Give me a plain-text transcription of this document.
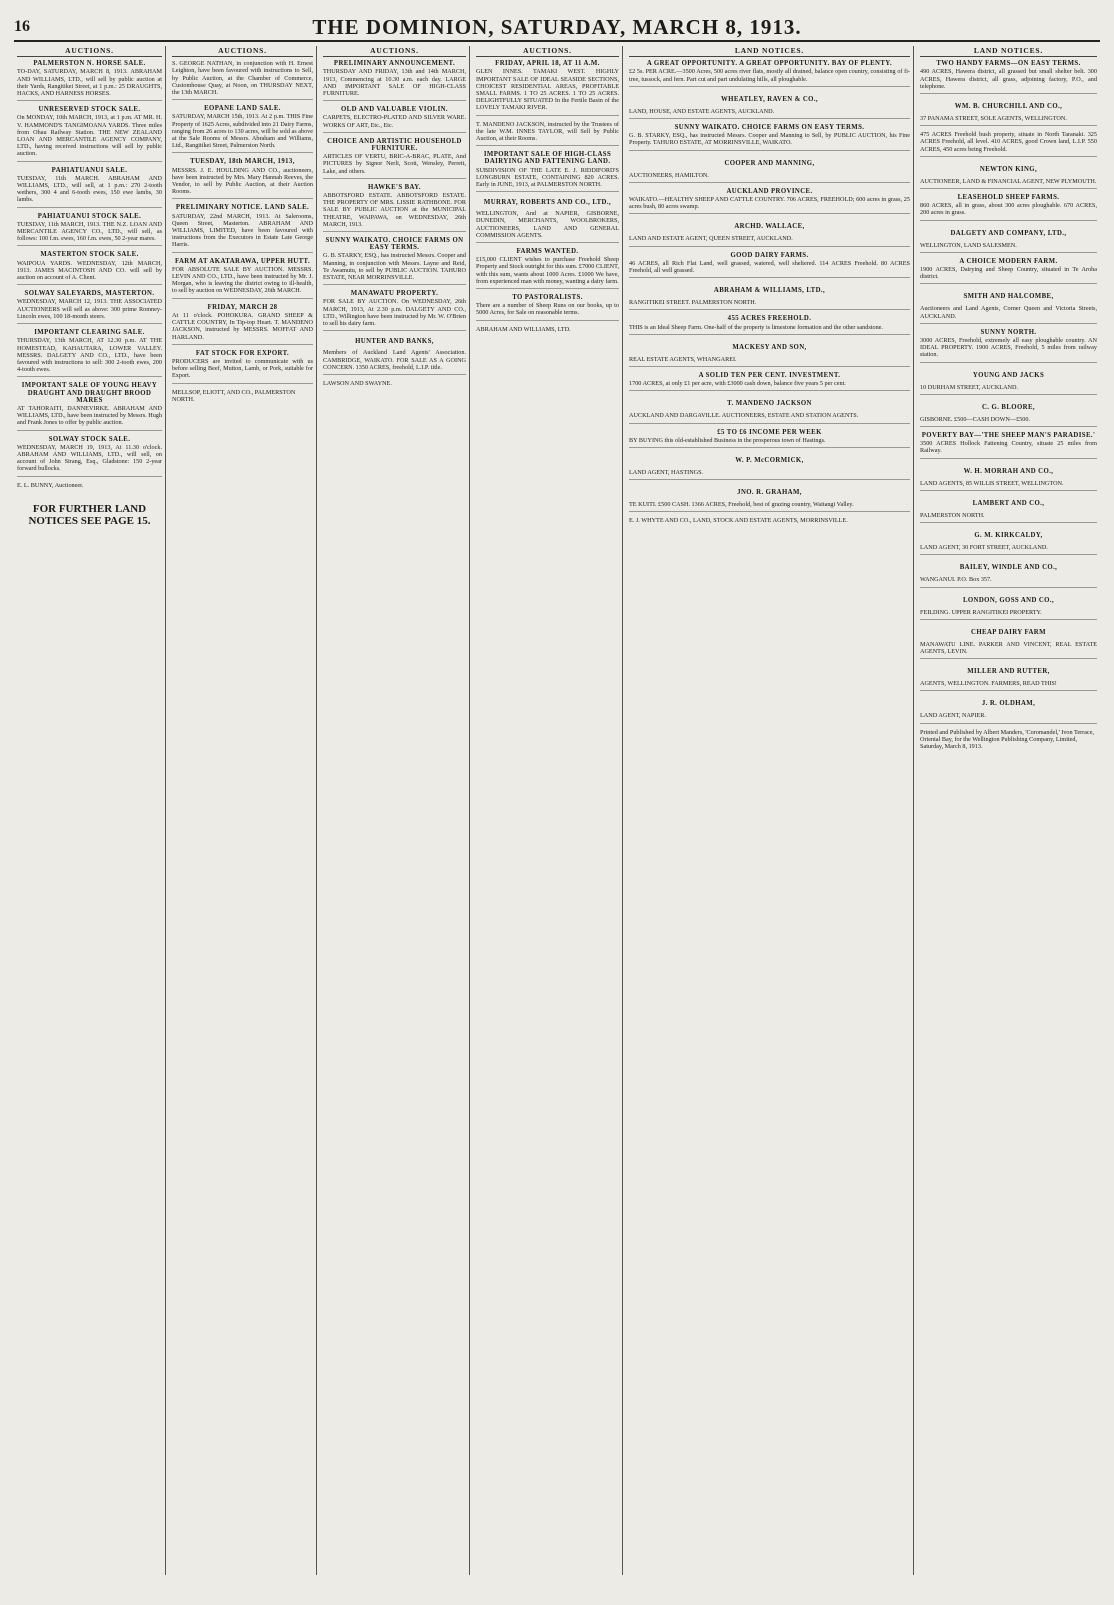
16	THE DOMINION, SATURDAY, MARCH 8, 1913.
AUCTIONS.
PALMERSTON N. HORSE SALE.
TO-DAY, SATURDAY, MARCH 8, 1913. ABRAHAM AND WILLIAMS, LTD., will sell by public auction at their Yards, Rangitikei Street, at 1 p.m.: 25 DRAUGHTS, HACKS, AND HARNESS HORSES.
UNRESERVED STOCK SALE.
On MONDAY, 10th MARCH, 1913, at 1 p.m. AT MR. H. V. HAMMOND'S TANGIMOANA YARDS. Three miles from Ohau Railway Station. THE NEW ZEALAND LOAN AND MERCANTILE AGENCY COMPANY, LTD., having received instructions will sell by public auction.
PAHIATUANUI SALE.
TUESDAY, 11th MARCH. ABRAHAM AND WILLIAMS, LTD., will sell, at 1 p.m.: 270 2-tooth wethers, 300 4 and 6-tooth ewes, 150 ewe lambs, 30 lambs.
PAHIATUANUI STOCK SALE.
TUESDAY, 11th MARCH, 1913. THE N.Z. LOAN AND MERCANTILE AGENCY CO., LTD., will sell, as follows: 100 f.m. ewes, 160 f.m. ewes, 50 2-year mares.
MASTERTON STOCK SALE.
WAIPOUA YARDS. WEDNESDAY, 12th MARCH, 1913. JAMES MACINTOSH AND CO. will sell by auction on account of A. Client.
SOLWAY SALEYARDS, MASTERTON.
WEDNESDAY, MARCH 12, 1913. THE ASSOCIATED AUCTIONEERS will sell as above: 300 prime Romney-Lincoln ewes, 100 18-month steers.
IMPORTANT CLEARING SALE.
THURSDAY, 13th MARCH, AT 12.30 p.m. AT THE HOMESTEAD, KAHAUTARA, LOWER VALLEY. MESSRS. DALGETY AND CO., LTD., have been favoured with instructions to sell: 300 2-tooth ewes, 200 4-tooth ewes.
IMPORTANT SALE OF YOUNG HEAVY DRAUGHT AND DRAUGHT BROOD MARES
AT TAHORAITI, DANNEVIRKE. ABRAHAM AND WILLIAMS, LTD., have been instructed by Messrs. Hugh and Frank Jones to offer by public auction.
SOLWAY STOCK SALE.
WEDNESDAY, MARCH 19, 1913, At 11.30 o'clock. ABRAHAM AND WILLIAMS, LTD., will sell, on account of John Strang, Esq., Gladstone: 150 2-year forward bullocks.
E. L. BUNNY, Auctioneer.
FOR FURTHER LAND NOTICES SEE PAGE 15.
AUCTIONS.
S. GEORGE NATHAN, in conjunction with H. Ernest Leighton, have been favoured with instructions to Sell, by Public Auction, at the Chamber of Commerce, Customhouse Quay, at Noon, on THURSDAY NEXT, the 13th MARCH.
EOPANE LAND SALE.
SATURDAY, MARCH 15th, 1913. At 2 p.m. THIS Fine Property of 1625 Acres, subdivided into 21 Dairy Farms, ranging from 26 acres to 130 acres, will be sold as above at the Sale Rooms of Messrs. Abraham and Williams, Ltd., Rangitikei Street, Palmerston North.
TUESDAY, 18th MARCH, 1913,
MESSRS. J. E. HOULDING AND CO., auctioneers, have been instructed by Mrs. Mary Hannah Reeves, the Vendor, to sell by Public Auction, at their Auction Rooms.
PRELIMINARY NOTICE. LAND SALE.
SATURDAY, 22nd MARCH, 1913. At Salerooms, Queen Street, Masterton. ABRAHAM AND WILLIAMS, LIMITED, have been favoured with instructions from the Executors in Estate Late George Harris.
FARM AT AKATARAWA, UPPER HUTT.
FOR ABSOLUTE SALE BY AUCTION. MESSRS. LEVIN AND CO., LTD., have been instructed by Mr. J. Morgan, who is leaving the district owing to ill-health, to sell by auction on WEDNESDAY, 26th MARCH.
FRIDAY, MARCH 28
At 11 o'clock. POHOKURA. GRAND SHEEP & CATTLE COUNTRY, In Tip-top Heart. T. MANDENO JACKSON, instructed by MESSRS. MOFFAT AND HARLAND.
FAT STOCK FOR EXPORT.
PRODUCERS are invited to communicate with us before selling Beef, Mutton, Lamb, or Pork, suitable for Export.
MELLSOP, ELIOTT, AND CO., PALMERSTON NORTH.
AUCTIONS.
PRELIMINARY ANNOUNCEMENT.
THURSDAY AND FRIDAY, 13th and 14th MARCH, 1913, Commencing at 10.30 a.m. each day. LARGE AND IMPORTANT SALE OF HIGH-CLASS FURNITURE.
OLD AND VALUABLE VIOLIN.
CARPETS, ELECTRO-PLATED AND SILVER WARE. WORKS OF ART, Etc., Etc.
CHOICE AND ARTISTIC HOUSEHOLD FURNITURE.
ARTICLES OF VERTU, BRIC-A-BRAC, PLATE, And PICTURES by Signor Nerli, Scott, Wensley, Perrett, Lake, and others.
HAWKE'S BAY.
ABBOTSFORD ESTATE. ABBOTSFORD ESTATE. THE PROPERTY OF MRS. LISSIE RATHBONE. FOR SALE BY PUBLIC AUCTION at the MUNICIPAL THEATRE, WAIPAWA, on WEDNESDAY, 26th MARCH, 1913.
SUNNY WAIKATO. CHOICE FARMS ON EASY TERMS.
G. B. STARKY, ESQ., has instructed Messrs. Cooper and Manning, in conjunction with Messrs. Layne and Reid, Te Awamutu, to sell by PUBLIC AUCTION. TAHURO ESTATE, NEAR MORRINSVILLE.
MANAWATU PROPERTY.
FOR SALE BY AUCTION. On WEDNESDAY, 26th MARCH, 1913, At 2.30 p.m. DALGETY AND CO., LTD., Willington have been instructed by Mr. W. O'Brien to sell his dairy farm.
HUNTER AND BANKS,
Members of Auckland Land Agents' Association. CAMBRIDGE, WAIKATO. FOR SALE AS A GOING CONCERN. 1350 ACRES, freehold, L.I.P. title.
LAWSON AND SWAYNE.
AUCTIONS.
FRIDAY, APRIL 18, AT 11 A.M.
GLEN INNES. TAMAKI WEST. HIGHLY IMPORTANT SALE OF IDEAL SEASIDE SECTIONS, CHOICEST RESIDENTIAL AREAS, PROFITABLE SMALL FARMS. 1 TO 25 ACRES. 1 TO 25 ACRES. DELIGHTFULLY SITUATED In the Fertile Basin of the LOVELY TAMAKI RIVER.
T. MANDENO JACKSON, instructed by the Trustees of the late W.M. INNES TAYLOR, will Sell by Public Auction, at their Rooms.
IMPORTANT SALE OF HIGH-CLASS DAIRYING AND FATTENING LAND.
SUBDIVISION OF THE LATE E. J. RIDDIFORD'S LONGBURN ESTATE, CONTAINING 820 ACRES. Early in JUNE, 1913, at PALMERSTON NORTH.
MURRAY, ROBERTS AND CO., LTD.,
WELLINGTON, And at NAPIER, GISBORNE, DUNEDIN, MERCHANTS, WOOLBROKERS, AUCTIONEERS, LAND AND GENERAL COMMISSION AGENTS.
FARMS WANTED.
£15,000 CLIENT wishes to purchase Freehold Sheep Property and Stock outright for this sum. £7000 CLIENT, with this sum, wants about 1000 Acres. £1000 We have, from experienced man with money, wanting a dairy farm.
TO PASTORALISTS.
There are a number of Sheep Runs on our books, up to 5000 Acres, for Sale on reasonable terms.
ABRAHAM AND WILLIAMS, LTD.
LAND NOTICES.
A GREAT OPPORTUNITY. A GREAT OPPORTUNITY. BAY OF PLENTY.
£2 5s. PER ACRE.—3500 Acres, 500 acres river flats, mostly all drained, balance open country, consisting of fi-tree, tussock, and fern. Part cut and part undulating hills, all ploughable.
WHEATLEY, RAVEN & CO.,
LAND, HOUSE, AND ESTATE AGENTS, AUCKLAND.
SUNNY WAIKATO. CHOICE FARMS ON EASY TERMS.
G. B. STARKY, ESQ., has instructed Messrs. Cooper and Manning to Sell, by PUBLIC AUCTION, his Fine Property. TAHURO ESTATE, AT MORRINSVILLE, WAIKATO.
COOPER AND MANNING,
AUCTIONEERS, HAMILTON.
AUCKLAND PROVINCE.
WAIKATO.—HEALTHY SHEEP AND CATTLE COUNTRY. 706 ACRES, FREEHOLD; 600 acres in grass, 25 acres bush, 80 acres swamp.
ARCHD. WALLACE,
LAND AND ESTATE AGENT, QUEEN STREET, AUCKLAND.
GOOD DAIRY FARMS.
46 ACRES, all Rich Flat Land, well grassed, watered, well sheltered. 114 ACRES Freehold. 80 ACRES Freehold, all well grassed.
ABRAHAM & WILLIAMS, LTD.,
RANGITIKEI STREET. PALMERSTON NORTH.
455 ACRES FREEHOLD.
THIS is an Ideal Sheep Farm. One-half of the property is limestone formation and the other sandstone.
MACKESY AND SON,
REAL ESTATE AGENTS, WHANGAREI.
A SOLID TEN PER CENT. INVESTMENT.
1700 ACRES, at only £1 per acre, with £3000 cash down, balance five years 5 per cent.
T. MANDENO JACKSON
AUCKLAND AND DARGAVILLE. AUCTIONEERS, ESTATE AND STATION AGENTS.
£5 TO £6 INCOME PER WEEK
BY BUYING this old-established Business in the prosperous town of Hastings.
W. P. McCORMICK,
LAND AGENT, HASTINGS.
JNO. R. GRAHAM,
TE KUITI. £500 CASH. 1366 ACRES, Freehold, best of grazing country, Waitangi Valley.
E. J. WHYTE AND CO., LAND, STOCK AND ESTATE AGENTS, MORRINSVILLE.
LAND NOTICES.
TWO HANDY FARMS—ON EASY TERMS.
490 ACRES, Hawera district, all grassed but small shelter belt. 300 ACRES, Hawera district, all grass, adjoining factory, P.O., and telephone.
WM. B. CHURCHILL AND CO.,
37 PANAMA STREET, SOLE AGENTS, WELLINGTON.
475 ACRES Freehold bush property, situate in North Taranaki. 325 ACRES Freehold, all level. 410 ACRES, good Crown land, L.I.P. 550 ACRES, 450 acres being Freehold.
NEWTON KING,
AUCTIONEER, LAND & FINANCIAL AGENT, NEW PLYMOUTH.
LEASEHOLD SHEEP FARMS.
860 ACRES, all in grass, about 300 acres ploughable. 670 ACRES, 200 acres in grass.
DALGETY AND COMPANY, LTD.,
WELLINGTON, LAND SALESMEN.
A CHOICE MODERN FARM.
1900 ACRES, Dairying and Sheep Country, situated in Te Aroha district.
SMITH AND HALCOMBE,
Auctioneers and Land Agents, Corner Queen and Victoria Streets, AUCKLAND.
SUNNY NORTH.
3000 ACRES, Freehold, extremely all easy ploughable country. AN IDEAL PROPERTY. 1900 ACRES, Freehold, 5 miles from railway station.
YOUNG AND JACKS
10 DURHAM STREET, AUCKLAND.
C. G. BLOORE,
GISBORNE. £500—CASH DOWN—£500.
POVERTY BAY—'THE SHEEP MAN'S PARADISE.'
3500 ACRES Hollock Fattening Country, situate 25 miles from Railway.
W. H. MORRAH AND CO.,
LAND AGENTS, 85 WILLIS STREET, WELLINGTON.
LAMBERT AND CO.,
PALMERSTON NORTH.
G. M. KIRKCALDY,
LAND AGENT, 30 FORT STREET, AUCKLAND.
BAILEY, WINDLE AND CO.,
WANGANUI. P.O. Box 357.
LONDON, GOSS AND CO.,
FEILDING. UPPER RANGITIKEI PROPERTY.
CHEAP DAIRY FARM
MANAWATU LINE. PARKER AND VINCENT, REAL ESTATE AGENTS, LEVIN.
MILLER AND RUTTER,
AGENTS, WELLINGTON. FARMERS, READ THIS!
J. R. OLDHAM,
LAND AGENT, NAPIER.
Printed and Published by Albert Manders, 'Coromandel,' Ivon Terrace, Oriental Bay, for the Wellington Publishing Company, Limited, Saturday, March 8, 1913.
